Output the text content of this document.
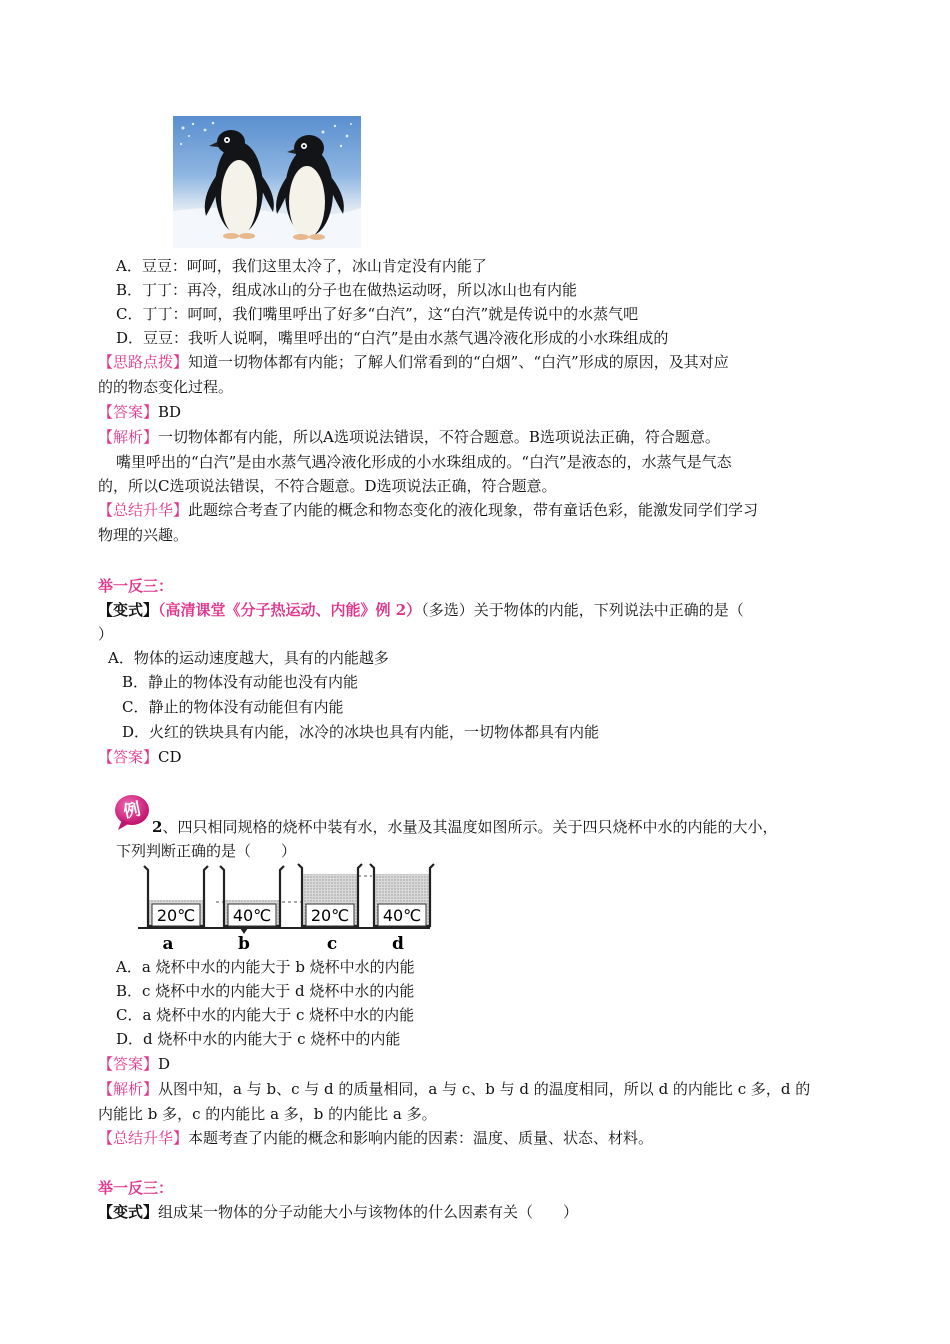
A．豆豆：呵呵，我们这里太冷了，冰山肯定没有内能了
B．丁丁：再冷，组成冰山的分子也在做热运动呀，所以冰山也有内能
C．丁丁：呵呵，我们嘴里呼出了好多“白汽”，这“白汽”就是传说中的水蒸气吧
D．豆豆：我听人说啊，嘴里呼出的“白汽”是由水蒸气遇冷液化形成的小水珠组成的
【思路点拨】知道一切物体都有内能；了解人们常看到的“白烟”、“白汽”形成的原因，及其对应
的的物态变化过程。
【答案】BD
【解析】一切物体都有内能，所以A选项说法错误，不符合题意。B选项说法正确，符合题意。
嘴里呼出的“白汽”是由水蒸气遇冷液化形成的小水珠组成的。“白汽”是液态的，水蒸气是气态
的，所以C选项说法错误，不符合题意。D选项说法正确，符合题意。
【总结升华】此题综合考查了内能的概念和物态变化的液化现象，带有童话色彩，能激发同学们学习
物理的兴趣。
举一反三：
【变式】（高清课堂《分子热运动、内能》例 2）（多选）关于物体的内能，下列说法中正确的是（
）
A．物体的运动速度越大，具有的内能越多
B．静止的物体没有动能也没有内能
C．静止的物体没有动能但有内能
D．火红的铁块具有内能，冰冷的冰块也具有内能，一切物体都具有内能
【答案】CD
例
2、四只相同规格的烧杯中装有水，水量及其温度如图所示。关于四只烧杯中水的内能的大小，
下列判断正确的是（　　）
20℃
a
40℃
b
20℃
c
40℃
d
A．a 烧杯中水的内能大于 b 烧杯中水的内能
B．c 烧杯中水的内能大于 d 烧杯中水的内能
C．a 烧杯中水的内能大于 c 烧杯中水的内能
D．d 烧杯中水的内能大于 c 烧杯中的内能
【答案】D
【解析】从图中知，a 与 b、c 与 d 的质量相同，a 与 c、b 与 d 的温度相同，所以 d 的内能比 c 多，d 的
内能比 b 多，c 的内能比 a 多，b 的内能比 a 多。
【总结升华】本题考查了内能的概念和影响内能的因素：温度、质量、状态、材料。
举一反三：
【变式】组成某一物体的分子动能大小与该物体的什么因素有关（　　）
